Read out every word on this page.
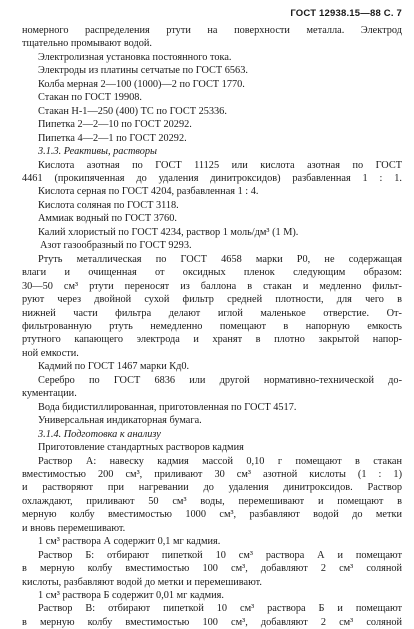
ГОСТ 12938.15—88 С. 7
номерного распределения ртути на поверхности металла. Электрод
тщательно промывают водой.
Электролизная установка постоянного тока.
Электроды из платины сетчатые по ГОСТ 6563.
Колба мерная 2—100 (1000)—2 по ГОСТ 1770.
Стакан по ГОСТ 19908.
Стакан Н-1—250 (400) ТС по ГОСТ 25336.
Пипетка 2—2—10 по ГОСТ 20292.
Пипетка 4—2—1 по ГОСТ 20292.
3.1.3. Реактивы, растворы
Кислота азотная по ГОСТ 11125 или кислота азотная по ГОСТ
4461 (прокипяченная до удаления динитроксидов) разбавленная 1 : 1.
Кислота серная по ГОСТ 4204, разбавленная 1 : 4.
Кислота соляная по ГОСТ 3118.
Аммиак водный по ГОСТ 3760.
Калий хлористый по ГОСТ 4234, раствор 1 моль/дм³ (1 М).
Азот газообразный по ГОСТ 9293.
Ртуть металлическая по ГОСТ 4658 марки Р0, не содержащая
влаги и очищенная от оксидных пленок следующим образом:
30—50 см³ ртути переносят из баллона в стакан и медленно фильт-
руют через двойной сухой фильтр средней плотности, для чего в
нижней части фильтра делают иглой маленькое отверстие. От-
фильтрованную ртуть немедленно помещают в напорную емкость
ртутного капающего электрода и хранят в плотно закрытой напор-
ной емкости.
Кадмий по ГОСТ 1467 марки Кд0.
Серебро по ГОСТ 6836 или другой нормативно-технической до-
кументации.
Вода бидистиллированная, приготовленная по ГОСТ 4517.
Универсальная индикаторная бумага.
3.1.4. Подготовка к анализу
Приготовление стандартных растворов кадмия
Раствор А: навеску кадмия массой 0,10 г помещают в стакан
вместимостью 200 см³, приливают 30 см³ азотной кислоты (1 : 1)
и растворяют при нагревании до удаления динитроксидов. Раствор
охлаждают, приливают 50 см³ воды, перемешивают и помещают в
мерную колбу вместимостью 1000 см³, разбавляют водой до метки
и вновь перемешивают.
1 см³ раствора А содержит 0,1 мг кадмия.
Раствор Б: отбирают пипеткой 10 см³ раствора А и помещают
в мерную колбу вместимостью 100 см³, добавляют 2 см³ соляной
кислоты, разбавляют водой до метки и перемешивают.
1 см³ раствора Б содержит 0,01 мг кадмия.
Раствор В: отбирают пипеткой 10 см³ раствора Б и помещают
в мерную колбу вместимостью 100 см³, добавляют 2 см³ соляной
